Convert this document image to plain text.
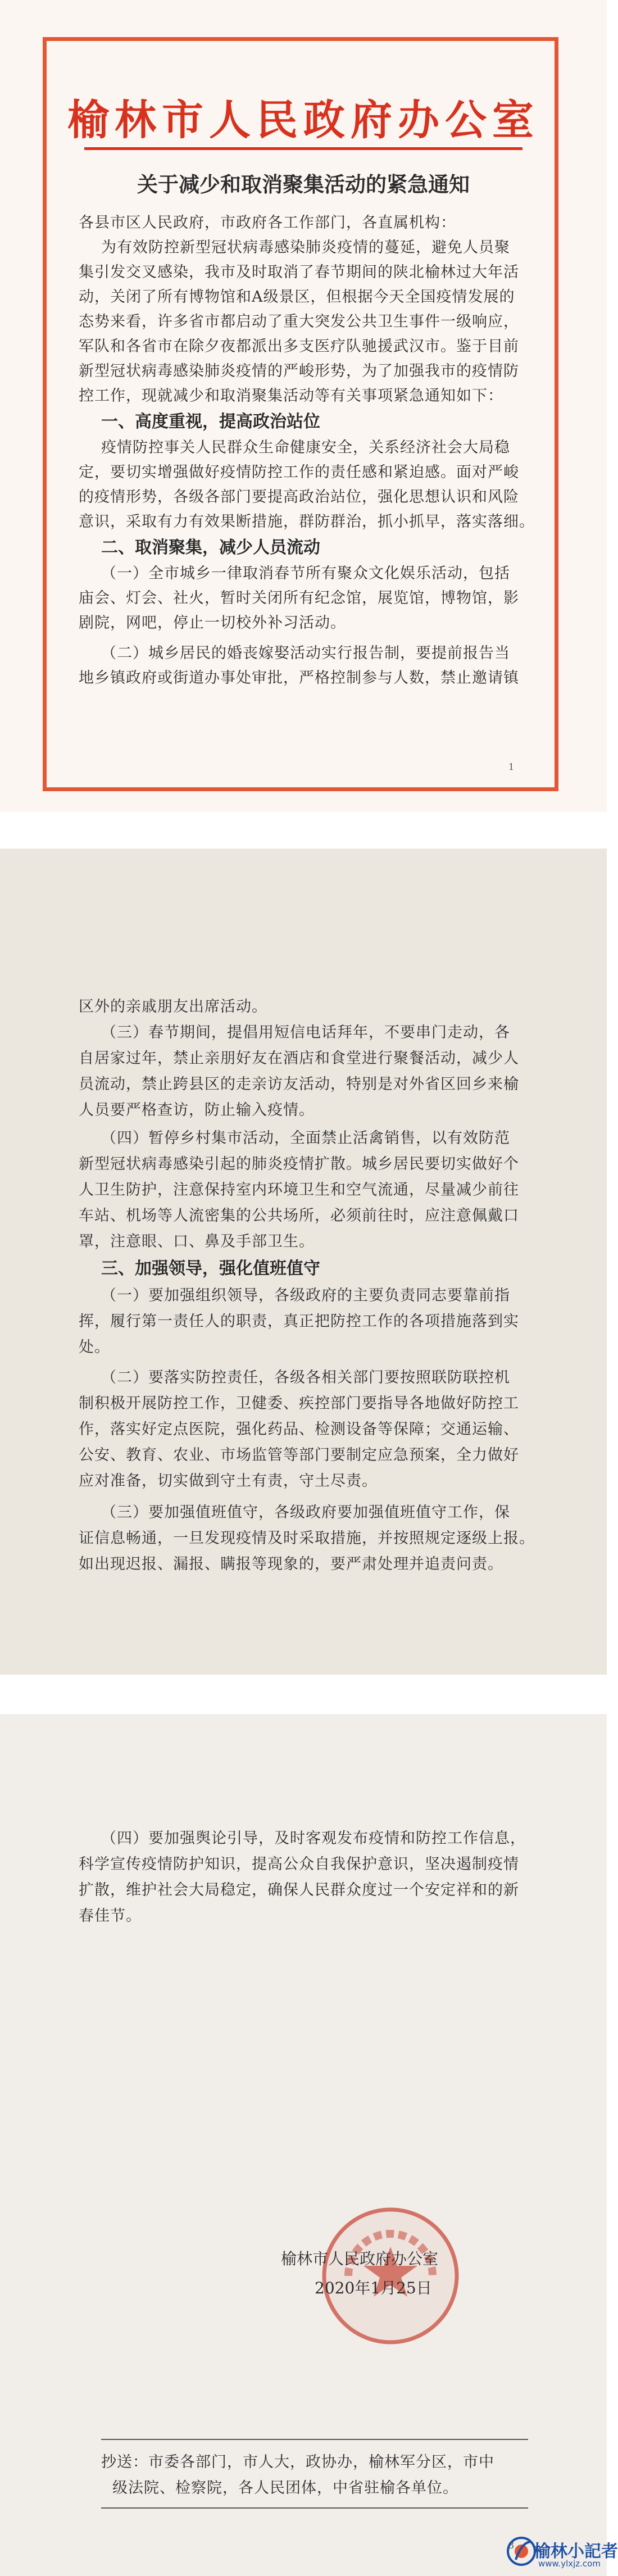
榆林市人民政府办公室
关于减少和取消聚集活动的紧急通知
各县市区人民政府，市政府各工作部门，各直属机构：
为有效防控新型冠状病毒感染肺炎疫情的蔓延，避免人员聚
集引发交叉感染，我市及时取消了春节期间的陕北榆林过大年活
动，关闭了所有博物馆和A级景区，但根据今天全国疫情发展的
态势来看，许多省市都启动了重大突发公共卫生事件一级响应，
军队和各省市在除夕夜都派出多支医疗队驰援武汉市。鉴于目前
新型冠状病毒感染肺炎疫情的严峻形势，为了加强我市的疫情防
控工作，现就减少和取消聚集活动等有关事项紧急通知如下：
一、高度重视，提高政治站位
疫情防控事关人民群众生命健康安全，关系经济社会大局稳
定，要切实增强做好疫情防控工作的责任感和紧迫感。面对严峻
的疫情形势，各级各部门要提高政治站位，强化思想认识和风险
意识，采取有力有效果断措施，群防群治，抓小抓早，落实落细。
二、取消聚集，减少人员流动
（一）全市城乡一律取消春节所有聚众文化娱乐活动，包括
庙会、灯会、社火，暂时关闭所有纪念馆，展览馆，博物馆，影
剧院，网吧，停止一切校外补习活动。
（二）城乡居民的婚丧嫁娶活动实行报告制，要提前报告当
地乡镇政府或街道办事处审批，严格控制参与人数，禁止邀请镇
1
区外的亲戚朋友出席活动。
（三）春节期间，提倡用短信电话拜年，不要串门走动，各
自居家过年，禁止亲朋好友在酒店和食堂进行聚餐活动，减少人
员流动，禁止跨县区的走亲访友活动，特别是对外省区回乡来榆
人员要严格查访，防止输入疫情。
（四）暂停乡村集市活动，全面禁止活禽销售，以有效防范
新型冠状病毒感染引起的肺炎疫情扩散。城乡居民要切实做好个
人卫生防护，注意保持室内环境卫生和空气流通，尽量减少前往
车站、机场等人流密集的公共场所，必须前往时，应注意佩戴口
罩，注意眼、口、鼻及手部卫生。
三、加强领导，强化值班值守
（一）要加强组织领导，各级政府的主要负责同志要靠前指
挥，履行第一责任人的职责，真正把防控工作的各项措施落到实
处。
（二）要落实防控责任，各级各相关部门要按照联防联控机
制积极开展防控工作，卫健委、疾控部门要指导各地做好防控工
作，落实好定点医院，强化药品、检测设备等保障；交通运输、
公安、教育、农业、市场监管等部门要制定应急预案，全力做好
应对准备，切实做到守土有责，守土尽责。
（三）要加强值班值守，各级政府要加强值班值守工作，保
证信息畅通，一旦发现疫情及时采取措施，并按照规定逐级上报。
如出现迟报、漏报、瞒报等现象的，要严肃处理并追责问责。
（四）要加强舆论引导，及时客观发布疫情和防控工作信息，
科学宣传疫情防护知识，提高公众自我保护意识，坚决遏制疫情
扩散，维护社会大局稳定，确保人民群众度过一个安定祥和的新
春佳节。
抄送：市委各部门，市人大，政协办，榆林军分区，市中
级法院、检察院，各人民团体，中省驻榆各单位。
3
榆林市人民政府办公室
2020年1月25日
榆林小記者
www.ylxjz.com
